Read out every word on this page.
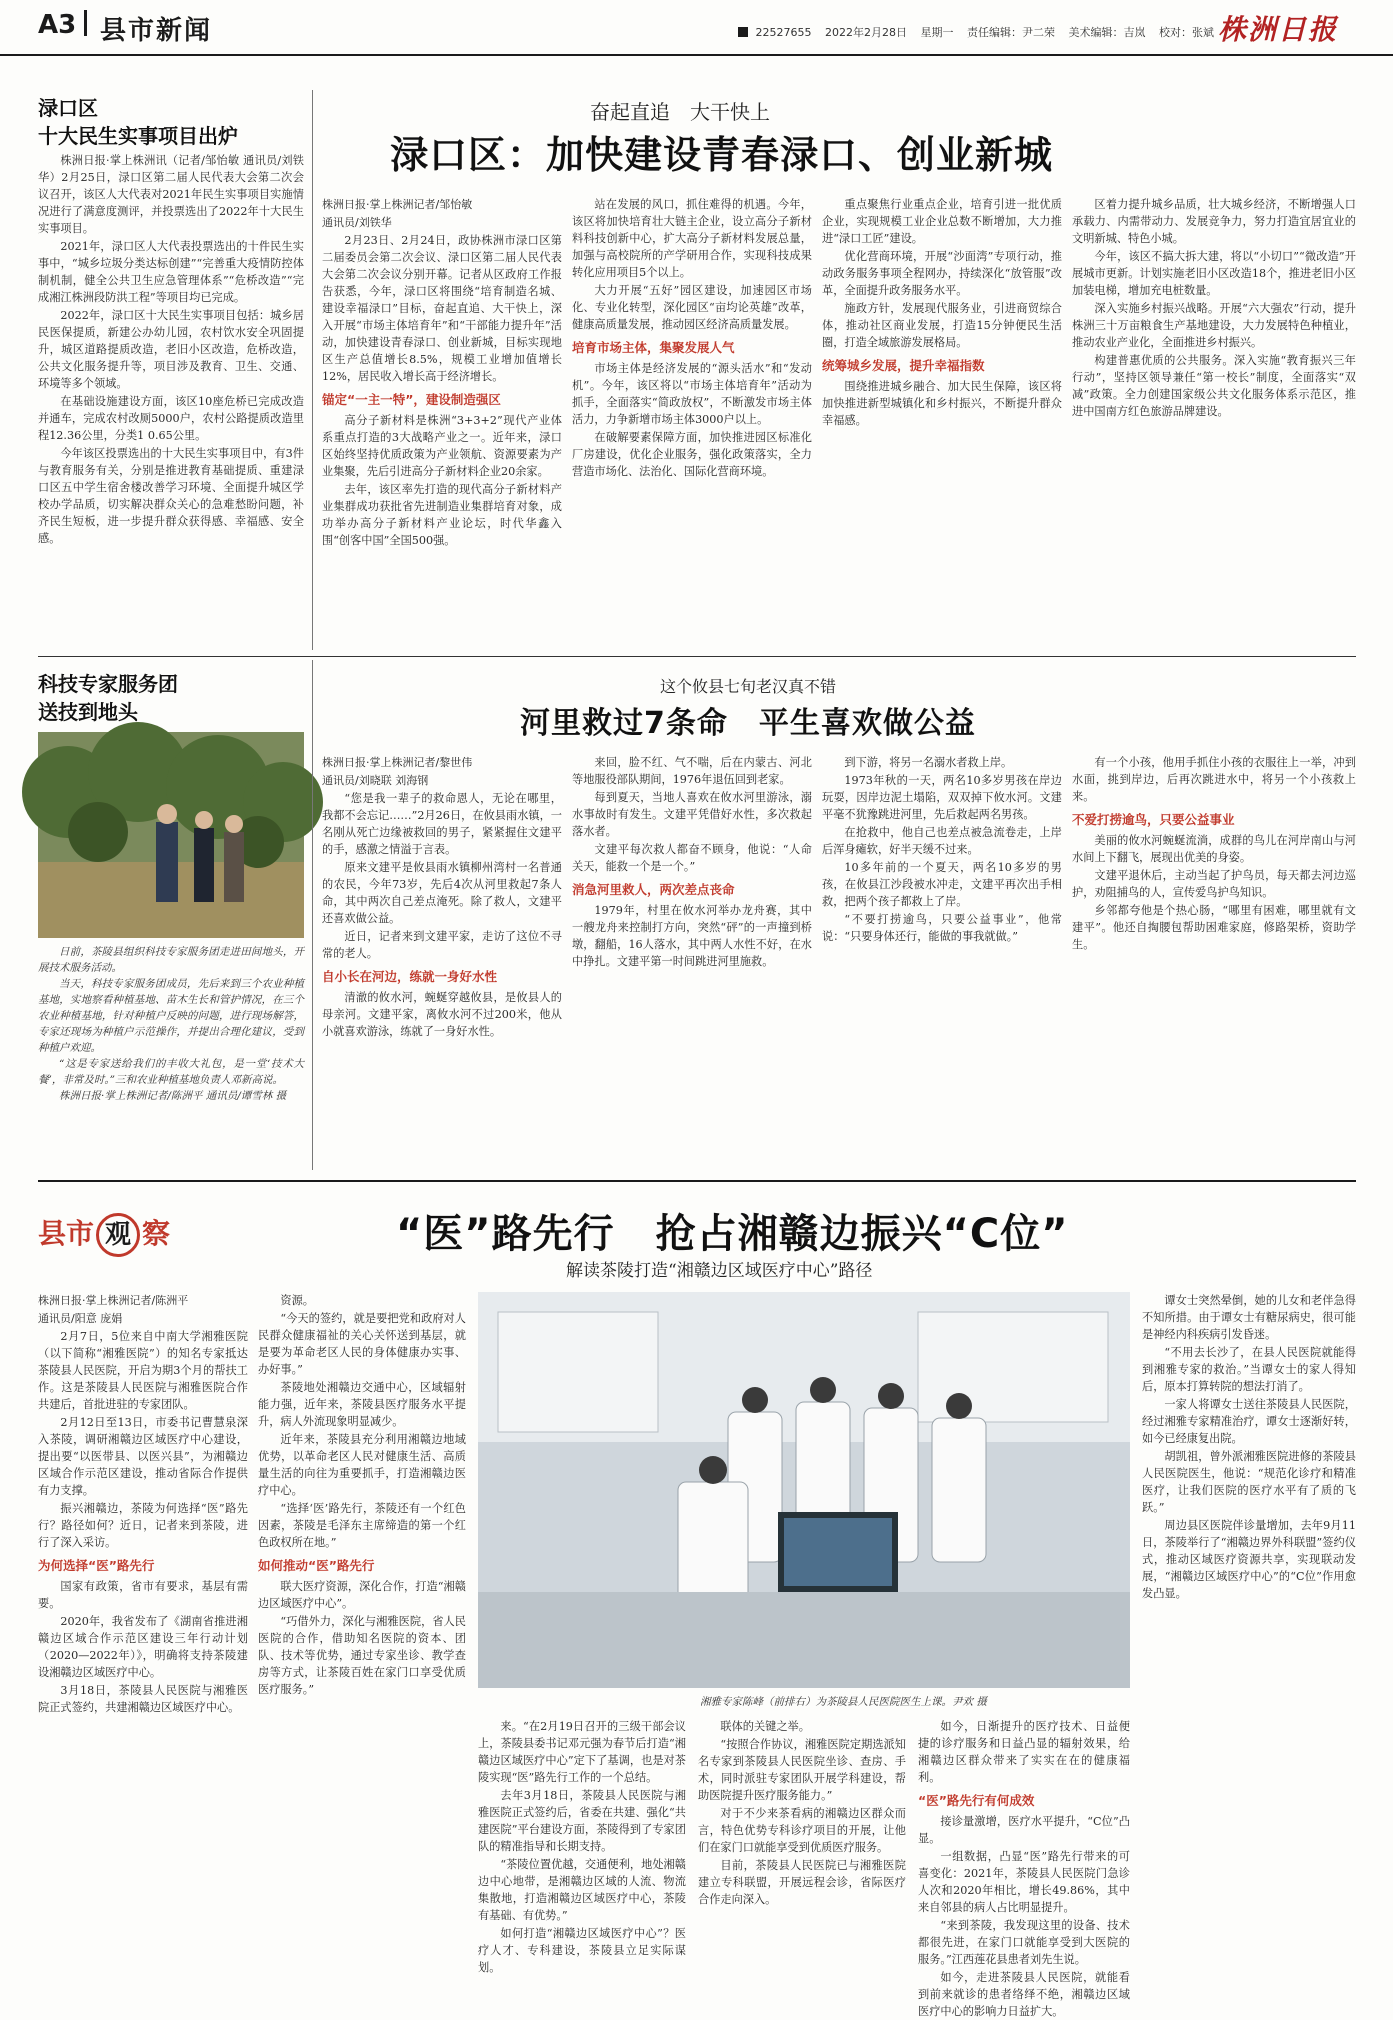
A3 县市新闻	22527655 2022年2月28日 星期一 责任编辑：尹二荣 美术编辑：吉岚 校对：张斌 株洲日报
渌口区
十大民生实事项目出炉

株洲日报·掌上株洲讯（记者/邹怡敏 通讯员/刘铁华）2月25日，渌口区第二届人民代表大会第二次会议召开，该区人大代表对2021年民生实事项目实施情况进行了满意度测评，并投票选出了2022年十大民生实事项目。

2021年，渌口区人大代表投票选出的十件民生实事中，“城乡垃圾分类达标创建”“完善重大疫情防控体制机制，健全公共卫生应急管理体系”“危桥改造”“完成湘江株洲段防洪工程”等项目均已完成。

2022年，渌口区十大民生实事项目包括：城乡居民医保提质，新建公办幼儿园，农村饮水安全巩固提升，城区道路提质改造，老旧小区改造，危桥改造，公共文化服务提升等，项目涉及教育、卫生、交通、环境等多个领域。

在基础设施建设方面，该区10座危桥已完成改造并通车，完成农村改厕5000户，农村公路提质改造里程12.36公里，分类1 0.65公里。

今年该区投票选出的十大民生实事项目中，有3件与教育服务有关，分别是推进教育基础提质、重建渌口区五中学生宿舍楼改善学习环境、全面提升城区学校办学品质，切实解决群众关心的急难愁盼问题，补齐民生短板，进一步提升群众获得感、幸福感、安全感。

奋起直追　大干快上
渌口区：加快建设青春渌口、创业新城

株洲日报·掌上株洲记者/邹怡敏

通讯员/刘铁华

2月23日、2月24日，政协株洲市渌口区第二届委员会第二次会议、渌口区第二届人民代表大会第二次会议分别开幕。记者从区政府工作报告获悉，今年，渌口区将围绕“培育制造名城、建设幸福渌口”目标，奋起直追、大干快上，深入开展“市场主体培育年”和“干部能力提升年”活动，加快建设青春渌口、创业新城，目标实现地区生产总值增长8.5%，规模工业增加值增长12%，居民收入增长高于经济增长。

锚定“一主一特”，建设制造强区

高分子新材料是株洲“3+3+2”现代产业体系重点打造的3大战略产业之一。近年来，渌口区始终坚持优质政策为产业领航、资源要素为产业集聚，先后引进高分子新材料企业20余家。

去年，该区率先打造的现代高分子新材料产业集群成功获批省先进制造业集群培育对象，成功举办高分子新材料产业论坛，时代华鑫入围“创客中国”全国500强。

站在发展的风口，抓住难得的机遇。今年，该区将加快培育壮大链主企业，设立高分子新材料科技创新中心，扩大高分子新材料发展总量，加强与高校院所的产学研用合作，实现科技成果转化应用项目5个以上。

大力开展“五好”园区建设，加速园区市场化、专业化转型，深化园区“亩均论英雄”改革，健康高质量发展，推动园区经济高质量发展。

培育市场主体，集聚发展人气

市场主体是经济发展的“源头活水”和“发动机”。今年，该区将以“市场主体培育年”活动为抓手，全面落实“简政放权”，不断激发市场主体活力，力争新增市场主体3000户以上。

在破解要素保障方面，加快推进园区标准化厂房建设，优化企业服务，强化政策落实，全力营造市场化、法治化、国际化营商环境。

重点聚焦行业重点企业，培育引进一批优质企业，实现规模工业企业总数不断增加，大力推进“渌口工匠”建设。

优化营商环境，开展“沙面湾”专项行动，推动政务服务事项全程网办，持续深化“放管服”改革，全面提升政务服务水平。

施政方针，发展现代服务业，引进商贸综合体，推动社区商业发展，打造15分钟便民生活圈，打造全域旅游发展格局。

统筹城乡发展，提升幸福指数

围绕推进城乡融合、加大民生保障，该区将加快推进新型城镇化和乡村振兴，不断提升群众幸福感。

区着力提升城乡品质，壮大城乡经济，不断增强人口承载力、内需带动力、发展竞争力，努力打造宜居宜业的文明新城、特色小城。

今年，该区不搞大拆大建，将以“小切口”“微改造”开展城市更新。计划实施老旧小区改造18个，推进老旧小区加装电梯，增加充电桩数量。

深入实施乡村振兴战略。开展“六大强农”行动，提升株洲三十万亩粮食生产基地建设，大力发展特色种植业，推动农业产业化，全面推进乡村振兴。

构建普惠优质的公共服务。深入实施“教育振兴三年行动”，坚持区领导兼任“第一校长”制度，全面落实“双减”政策。全力创建国家级公共文化服务体系示范区，推进中国南方红色旅游品牌建设。

科技专家服务团
送技到地头

日前，茶陵县组织科技专家服务团走进田间地头，开展技术服务活动。

当天，科技专家服务团成员，先后来到三个农业种植基地，实地察看种植基地、苗木生长和管护情况，在三个农业种植基地，针对种植户反映的问题，进行现场解答，专家还现场为种植户示范操作，并提出合理化建议，受到种植户欢迎。

“这是专家送给我们的丰收大礼包，是一堂‘技术大餐’，非常及时。”三和农业种植基地负责人邓新高说。

株洲日报·掌上株洲记者/陈洲平 通讯员/谭雪林 摄

这个攸县七旬老汉真不错
河里救过7条命　平生喜欢做公益

株洲日报·掌上株洲记者/黎世伟

通讯员/刘晓联 刘海钢

“您是我一辈子的救命恩人，无论在哪里，我都不会忘记……”2月26日，在攸县雨水镇，一名刚从死亡边缘被救回的男子，紧紧握住文建平的手，感激之情溢于言表。

原来文建平是攸县雨水镇柳州湾村一名普通的农民，今年73岁，先后4次从河里救起7条人命，其中两次自己差点淹死。除了救人，文建平还喜欢做公益。

近日，记者来到文建平家，走访了这位不寻常的老人。

自小长在河边，练就一身好水性

清澈的攸水河，蜿蜒穿越攸县，是攸县人的母亲河。文建平家，离攸水河不过200米，他从小就喜欢游泳，练就了一身好水性。

来回，脸不红、气不喘，后在内蒙古、河北等地服役部队期间，1976年退伍回到老家。

每到夏天，当地人喜欢在攸水河里游泳，溺水事故时有发生。文建平凭借好水性，多次救起落水者。

文建平每次救人都奋不顾身，他说：“人命关天，能救一个是一个。”

消急河里救人，两次差点丧命

1979年，村里在攸水河举办龙舟赛，其中一艘龙舟来控制打方向，突然“砰”的一声撞到桥墩，翻船，16人落水，其中两人水性不好，在水中挣扎。文建平第一时间跳进河里施救。

到下游，将另一名溺水者救上岸。

1973年秋的一天，两名10多岁男孩在岸边玩耍，因岸边泥土塌陷，双双掉下攸水河。文建平毫不犹豫跳进河里，先后救起两名男孩。

在抢救中，他自己也差点被急流卷走，上岸后浑身瘫软，好半天缓不过来。

10多年前的一个夏天，两名10多岁的男孩，在攸县江沙段被水冲走，文建平再次出手相救，把两个孩子都救上了岸。

“不要打捞逾鸟，只要公益事业”，他常说：“只要身体还行，能做的事我就做。”

有一个小孩，他用手抓住小孩的衣服往上一举，冲到水面，挑到岸边，后再次跳进水中，将另一个小孩救上来。

不爱打捞逾鸟，只要公益事业

美丽的攸水河蜿蜒流淌，成群的鸟儿在河岸南山与河水间上下翻飞，展现出优美的身姿。

文建平退休后，主动当起了护鸟员，每天都去河边巡护，劝阻捕鸟的人，宣传爱鸟护鸟知识。

乡邻都夸他是个热心肠，“哪里有困难，哪里就有文建平”。他还自掏腰包帮助困难家庭，修路架桥，资助学生。

县市 观 察	“医”路先行　抢占湘赣边振兴“C位”
解读茶陵打造“湘赣边区域医疗中心”路径

株洲日报·掌上株洲记者/陈洲平

通讯员/阳意 庞娟

2月7日，5位来自中南大学湘雅医院（以下简称“湘雅医院”）的知名专家抵达茶陵县人民医院，开启为期3个月的帮扶工作。这是茶陵县人民医院与湘雅医院合作共建后，首批进驻的专家团队。

2月12日至13日，市委书记曹慧泉深入茶陵，调研湘赣边区域医疗中心建设，提出要“以医带县、以医兴县”，为湘赣边区域合作示范区建设，推动省际合作提供有力支撑。

振兴湘赣边，茶陵为何选择“医”路先行？路径如何？近日，记者来到茶陵，进行了深入采访。

为何选择“医”路先行

国家有政策，省市有要求，基层有需要。

2020年，我省发布了《湖南省推进湘赣边区域合作示范区建设三年行动计划（2020—2022年）》，明确将支持茶陵建设湘赣边区域医疗中心。

3月18日，茶陵县人民医院与湘雅医院正式签约，共建湘赣边区域医疗中心。

资源。

“今天的签约，就是要把党和政府对人民群众健康福祉的关心关怀送到基层，就是要为革命老区人民的身体健康办实事、办好事。”

茶陵地处湘赣边交通中心，区域辐射能力强，近年来，茶陵县医疗服务水平提升，病人外流现象明显减少。

近年来，茶陵县充分利用湘赣边地域优势，以革命老区人民对健康生活、高质量生活的向往为重要抓手，打造湘赣边医疗中心。

“选择‘医’路先行，茶陵还有一个红色因素，茶陵是毛泽东主席缔造的第一个红色政权所在地。”

如何推动“医”路先行

联大医疗资源，深化合作，打造“湘赣边区域医疗中心”。

“巧借外力，深化与湘雅医院，省人民医院的合作，借助知名医院的资本、团队、技术等优势，通过专家坐诊、教学查房等方式，让茶陵百姓在家门口享受优质医疗服务。”

湘雅专家陈峰（前排右）为茶陵县人民医院医生上课。尹欢 摄

来。“在2月19日召开的三级干部会议上，茶陵县委书记邓元强为春节后打造“湘赣边区域医疗中心”定下了基调，也是对茶陵实现“医”路先行工作的一个总结。

去年3月18日，茶陵县人民医院与湘雅医院正式签约后，省委在共建、强化“共建医院”平台建设方面，茶陵得到了专家团队的精准指导和长期支持。

“茶陵位置优越，交通便利，地处湘赣边中心地带，是湘赣边区域的人流、物流集散地，打造湘赣边区域医疗中心，茶陵有基础、有优势。”

如何打造“湘赣边区域医疗中心”？医疗人才、专科建设，茶陵县立足实际谋划。

联体的关键之举。

“按照合作协议，湘雅医院定期选派知名专家到茶陵县人民医院坐诊、查房、手术，同时派驻专家团队开展学科建设，帮助医院提升医疗服务能力。”

对于不少来茶看病的湘赣边区群众而言，特色优势专科诊疗项目的开展，让他们在家门口就能享受到优质医疗服务。

目前，茶陵县人民医院已与湘雅医院建立专科联盟，开展远程会诊，省际医疗合作走向深入。

如今，日渐提升的医疗技术、日益便捷的诊疗服务和日益凸显的辐射效果，给湘赣边区群众带来了实实在在的健康福利。

“医”路先行有何成效

接诊量激增，医疗水平提升，“C位”凸显。

一组数据，凸显“医”路先行带来的可喜变化：2021年，茶陵县人民医院门急诊人次和2020年相比，增长49.86%，其中来自邻县的病人占比明显提升。

“来到茶陵，我发现这里的设备、技术都很先进，在家门口就能享受到大医院的服务。”江西莲花县患者刘先生说。

如今，走进茶陵县人民医院，就能看到前来就诊的患者络绎不绝，湘赣边区域医疗中心的影响力日益扩大。

谭女士突然晕倒，她的儿女和老伴急得不知所措。由于谭女士有糖尿病史，很可能是神经内科疾病引发昏迷。

“不用去长沙了，在县人民医院就能得到湘雅专家的救治。”当谭女士的家人得知后，原本打算转院的想法打消了。

一家人将谭女士送往茶陵县人民医院，经过湘雅专家精准治疗，谭女士逐渐好转，如今已经康复出院。

胡凯祖，曾外派湘雅医院进修的茶陵县人民医院医生，他说：“规范化诊疗和精准医疗，让我们医院的医疗水平有了质的飞跃。”

周边县区医院伴诊量增加，去年9月11日，茶陵举行了“湘赣边界外科联盟”签约仪式，推动区域医疗资源共享，实现联动发展，“湘赣边区域医疗中心”的“C位”作用愈发凸显。
